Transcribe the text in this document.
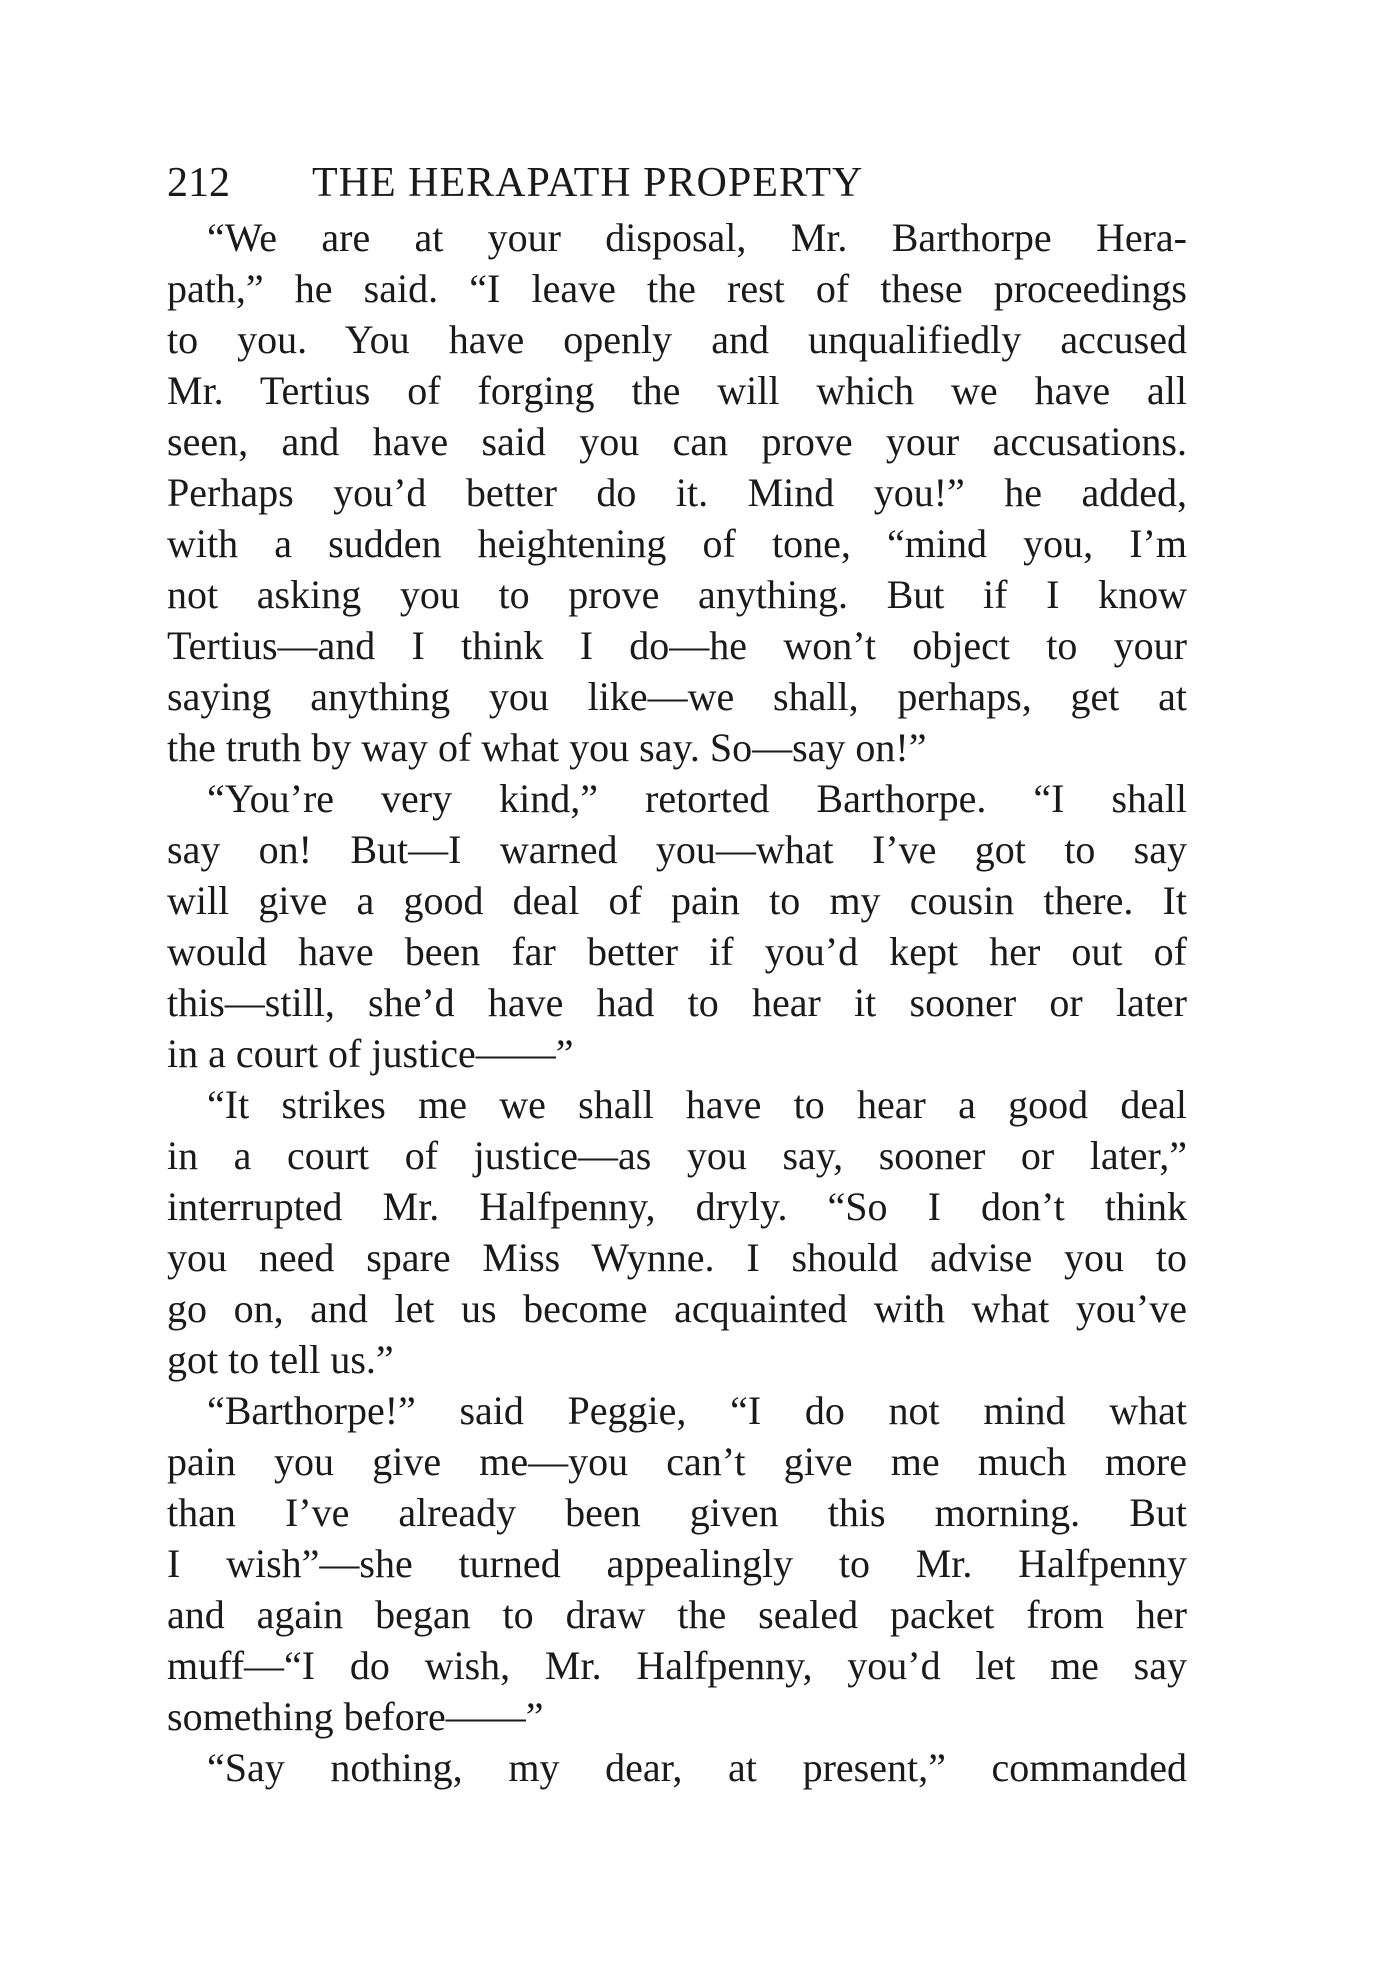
212 THE HERAPATH PROPERTY
“We are at your disposal, Mr. Barthorpe Hera-
path,” he said. “I leave the rest of these proceedings
to you. You have openly and unqualifiedly accused
Mr. Tertius of forging the will which we have all
seen, and have said you can prove your accusations.
Perhaps you’d better do it. Mind you!” he added,
with a sudden heightening of tone, “mind you, I’m
not asking you to prove anything. But if I know
Tertius—and I think I do—he won’t object to your
saying anything you like—we shall, perhaps, get at
the truth by way of what you say. So—say on!”
“You’re very kind,” retorted Barthorpe. “I shall
say on! But—I warned you—what I’ve got to say
will give a good deal of pain to my cousin there. It
would have been far better if you’d kept her out of
this—still, she’d have had to hear it sooner or later
in a court of justice——”
“It strikes me we shall have to hear a good deal
in a court of justice—as you say, sooner or later,”
interrupted Mr. Halfpenny, dryly. “So I don’t think
you need spare Miss Wynne. I should advise you to
go on, and let us become acquainted with what you’ve
got to tell us.”
“Barthorpe!” said Peggie, “I do not mind what
pain you give me—you can’t give me much more
than I’ve already been given this morning. But
I wish”—she turned appealingly to Mr. Halfpenny
and again began to draw the sealed packet from her
muff—“I do wish, Mr. Halfpenny, you’d let me say
something before——”
“Say nothing, my dear, at present,” commanded
